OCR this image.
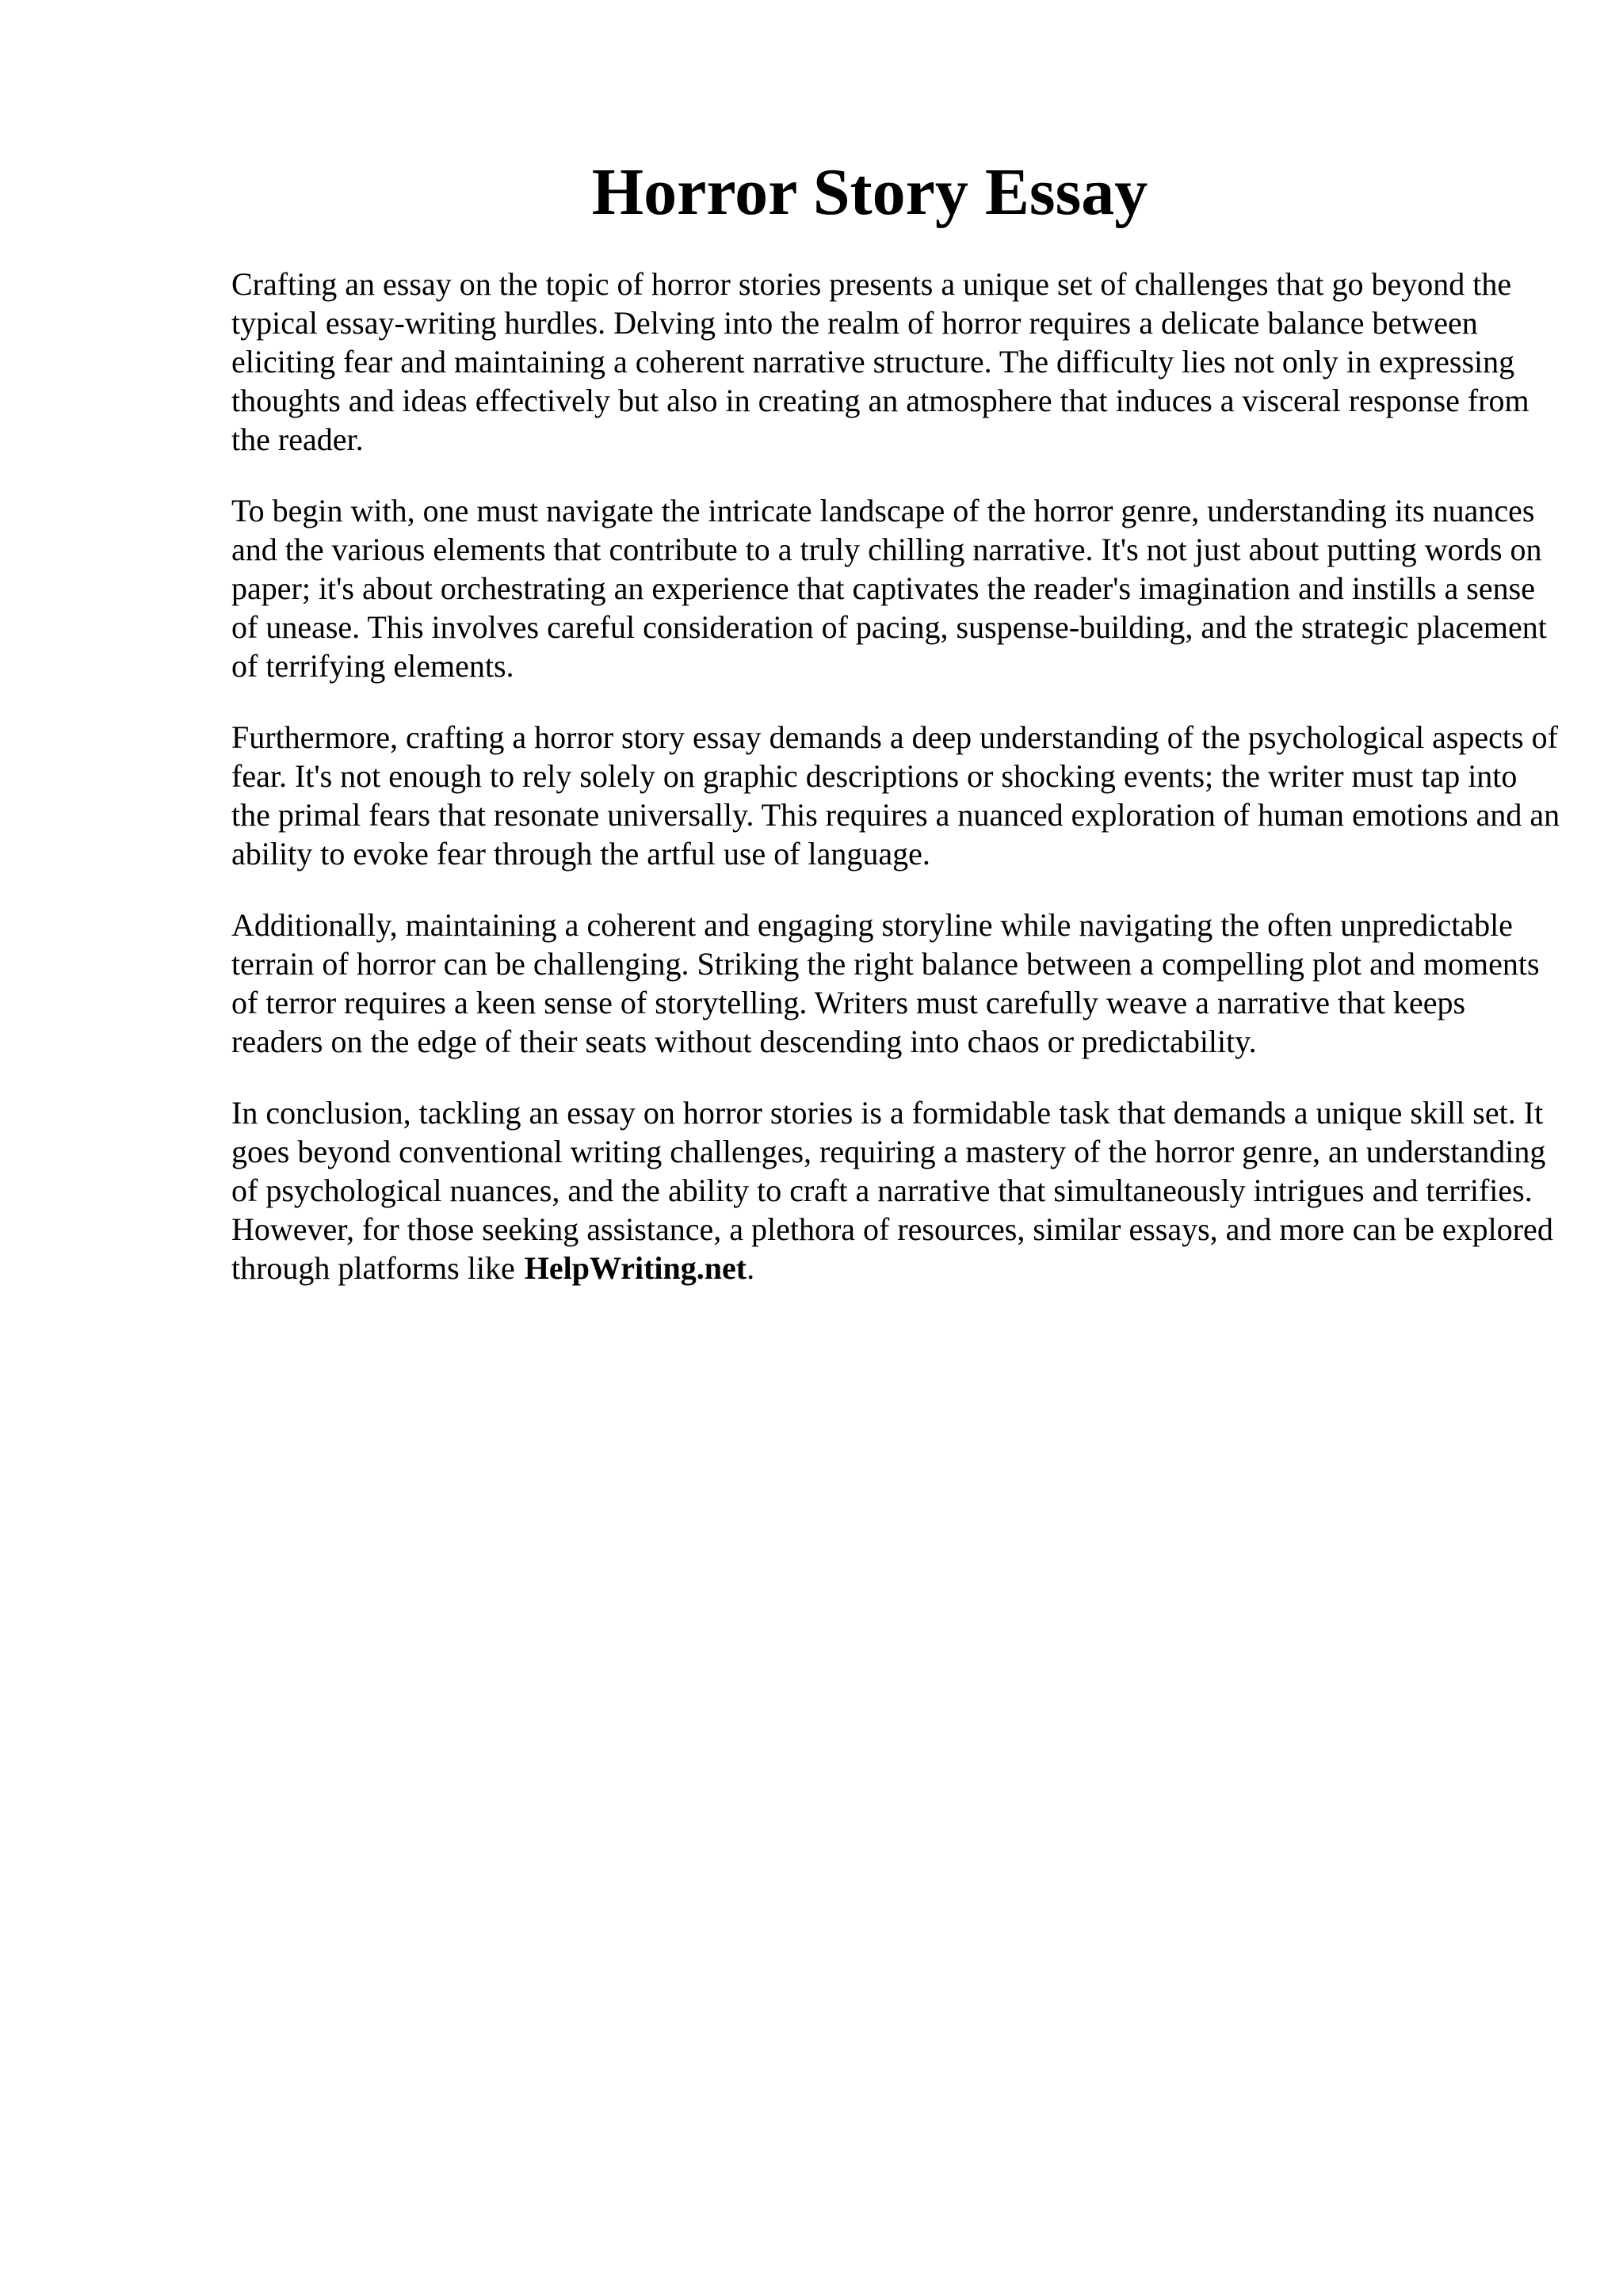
Horror Story Essay

Crafting an essay on the topic of horror stories presents a unique set of challenges that go beyond the typical essay-writing hurdles. Delving into the realm of horror requires a delicate balance between eliciting fear and maintaining a coherent narrative structure. The difficulty lies not only in expressing thoughts and ideas effectively but also in creating an atmosphere that induces a visceral response from the reader.

To begin with, one must navigate the intricate landscape of the horror genre, understanding its nuances and the various elements that contribute to a truly chilling narrative. It's not just about putting words on paper; it's about orchestrating an experience that captivates the reader's imagination and instills a sense of unease. This involves careful consideration of pacing, suspense-building, and the strategic placement of terrifying elements.

Furthermore, crafting a horror story essay demands a deep understanding of the psychological aspects of fear. It's not enough to rely solely on graphic descriptions or shocking events; the writer must tap into the primal fears that resonate universally. This requires a nuanced exploration of human emotions and an ability to evoke fear through the artful use of language.

Additionally, maintaining a coherent and engaging storyline while navigating the often unpredictable terrain of horror can be challenging. Striking the right balance between a compelling plot and moments of terror requires a keen sense of storytelling. Writers must carefully weave a narrative that keeps readers on the edge of their seats without descending into chaos or predictability.

In conclusion, tackling an essay on horror stories is a formidable task that demands a unique skill set. It goes beyond conventional writing challenges, requiring a mastery of the horror genre, an understanding of psychological nuances, and the ability to craft a narrative that simultaneously intrigues and terrifies. However, for those seeking assistance, a plethora of resources, similar essays, and more can be explored through platforms like HelpWriting.net.
